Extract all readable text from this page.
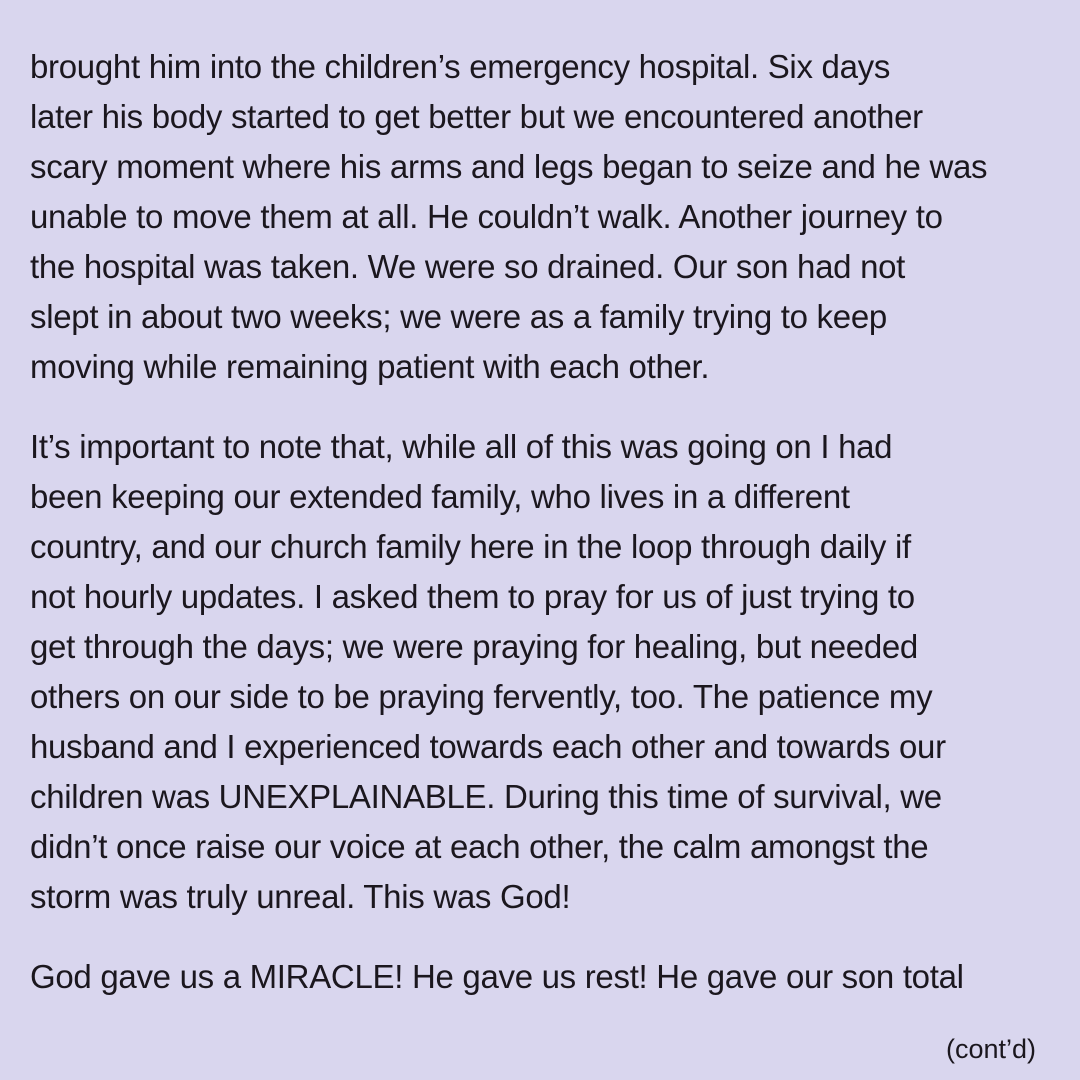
brought him into the children’s emergency hospital. Six days
later his body started to get better but we encountered another
scary moment where his arms and legs began to seize and he was
unable to move them at all. He couldn’t walk. Another journey to
the hospital was taken. We were so drained. Our son had not
slept in about two weeks; we were as a family trying to keep
moving while remaining patient with each other.
It’s important to note that, while all of this was going on I had
been keeping our extended family, who lives in a different
country, and our church family here in the loop through daily if
not hourly updates. I asked them to pray for us of just trying to
get through the days; we were praying for healing, but needed
others on our side to be praying fervently, too. The patience my
husband and I experienced towards each other and towards our
children was UNEXPLAINABLE. During this time of survival, we
didn’t once raise our voice at each other, the calm amongst the
storm was truly unreal. This was God!
God gave us a MIRACLE! He gave us rest! He gave our son total
(cont’d)
